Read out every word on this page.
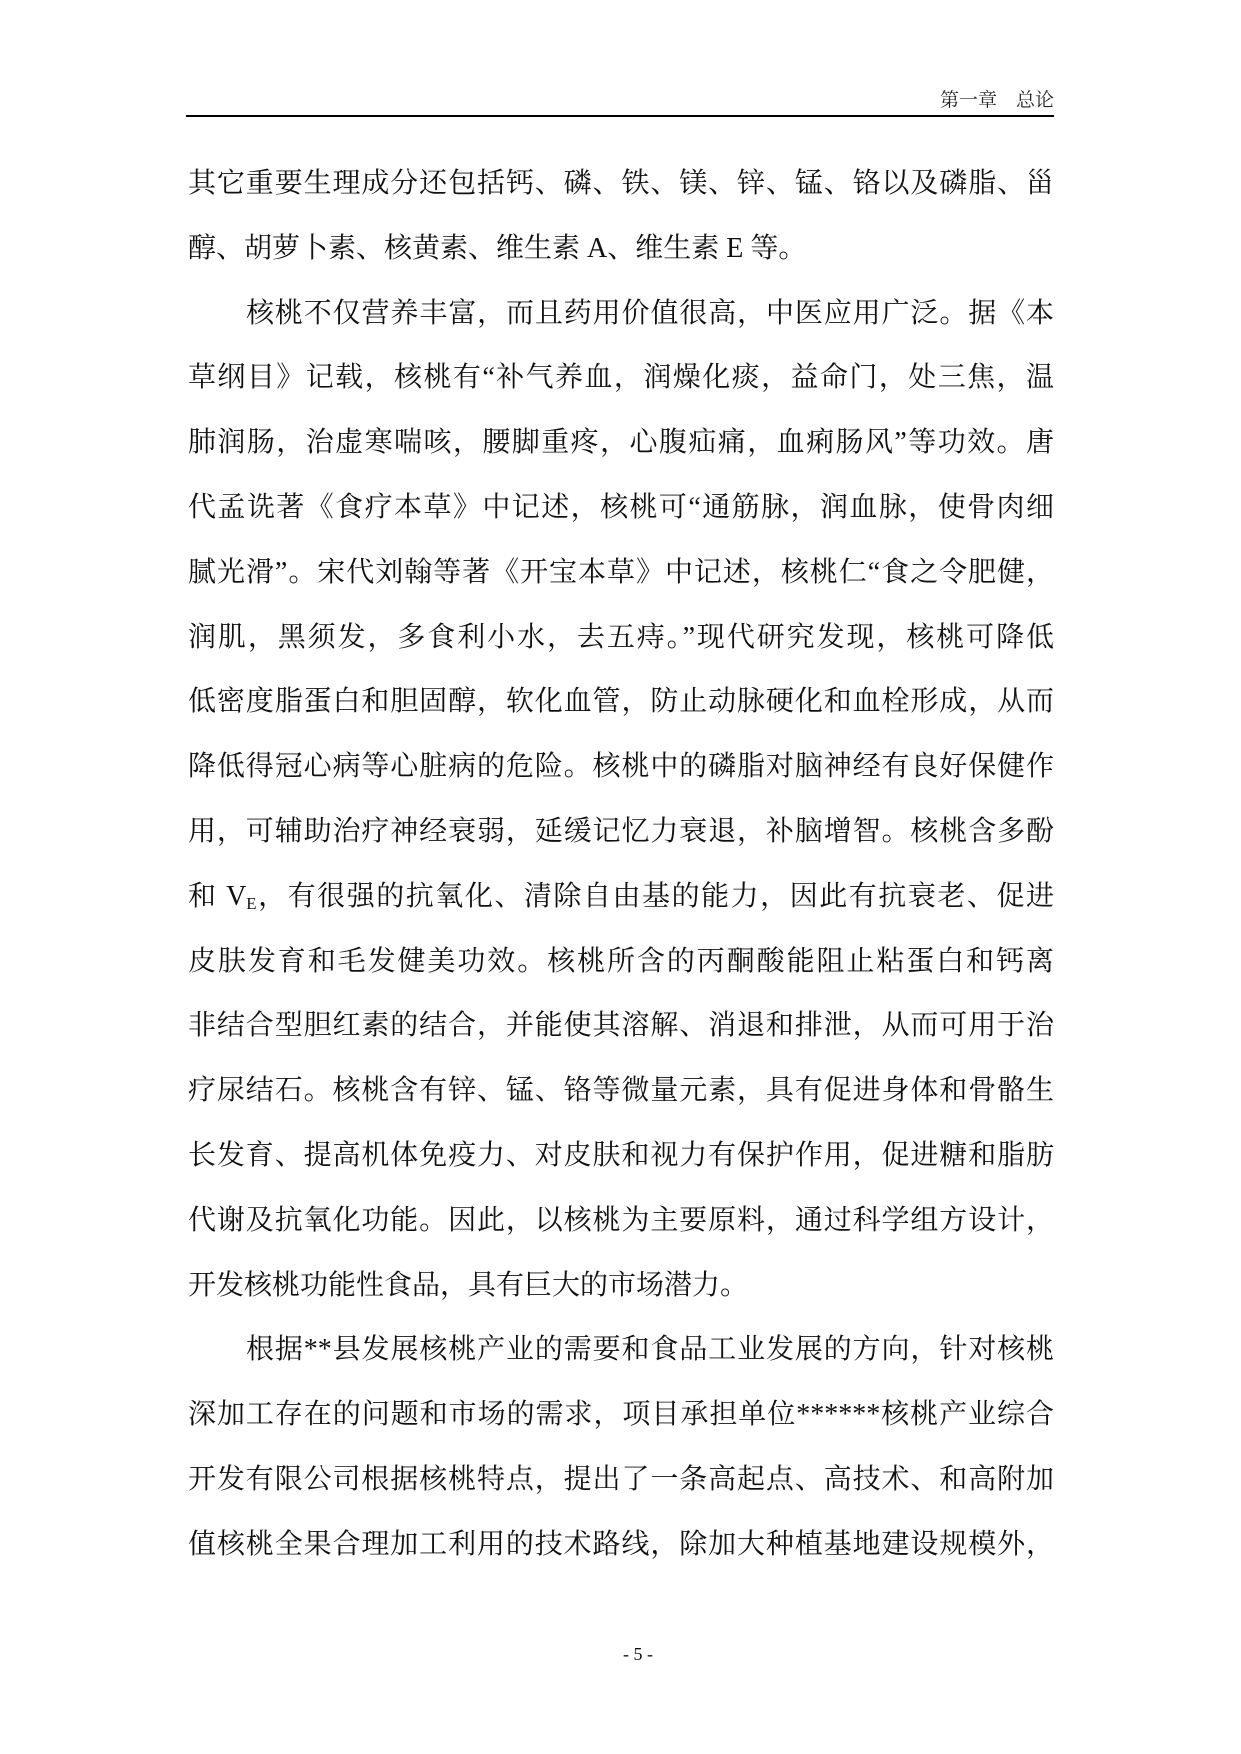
第一章　总论
其它重要生理成分还包括钙、磷、铁、镁、锌、锰、铬以及磷脂、甾
醇、胡萝卜素、核黄素、维生素 A、维生素 E 等。
核桃不仅营养丰富，而且药用价值很高，中医应用广泛。据《本
草纲目》记载，核桃有“补气养血，润燥化痰，益命门，处三焦，温
肺润肠，治虚寒喘咳，腰脚重疼，心腹疝痛，血痢肠风”等功效。唐
代孟诜著《食疗本草》中记述，核桃可“通筋脉，润血脉，使骨肉细
腻光滑”。宋代刘翰等著《开宝本草》中记述，核桃仁“食之令肥健，
润肌，黑须发，多食利小水，去五痔。”现代研究发现，核桃可降低
低密度脂蛋白和胆固醇，软化血管，防止动脉硬化和血栓形成，从而
降低得冠心病等心脏病的危险。核桃中的磷脂对脑神经有良好保健作
用，可辅助治疗神经衰弱，延缓记忆力衰退，补脑增智。核桃含多酚
和 $V_E$，有很强的抗氧化、清除自由基的能力，因此有抗衰老、促进
皮肤发育和毛发健美功效。核桃所含的丙酮酸能阻止粘蛋白和钙离
非结合型胆红素的结合，并能使其溶解、消退和排泄，从而可用于治
疗尿结石。核桃含有锌、锰、铬等微量元素，具有促进身体和骨骼生
长发育、提高机体免疫力、对皮肤和视力有保护作用，促进糖和脂肪
代谢及抗氧化功能。因此，以核桃为主要原料，通过科学组方设计，
开发核桃功能性食品，具有巨大的市场潜力。
根据**县发展核桃产业的需要和食品工业发展的方向，针对核桃
深加工存在的问题和市场的需求，项目承担单位******核桃产业综合
开发有限公司根据核桃特点，提出了一条高起点、高技术、和高附加
值核桃全果合理加工利用的技术路线，除加大种植基地建设规模外，
- 5 -
